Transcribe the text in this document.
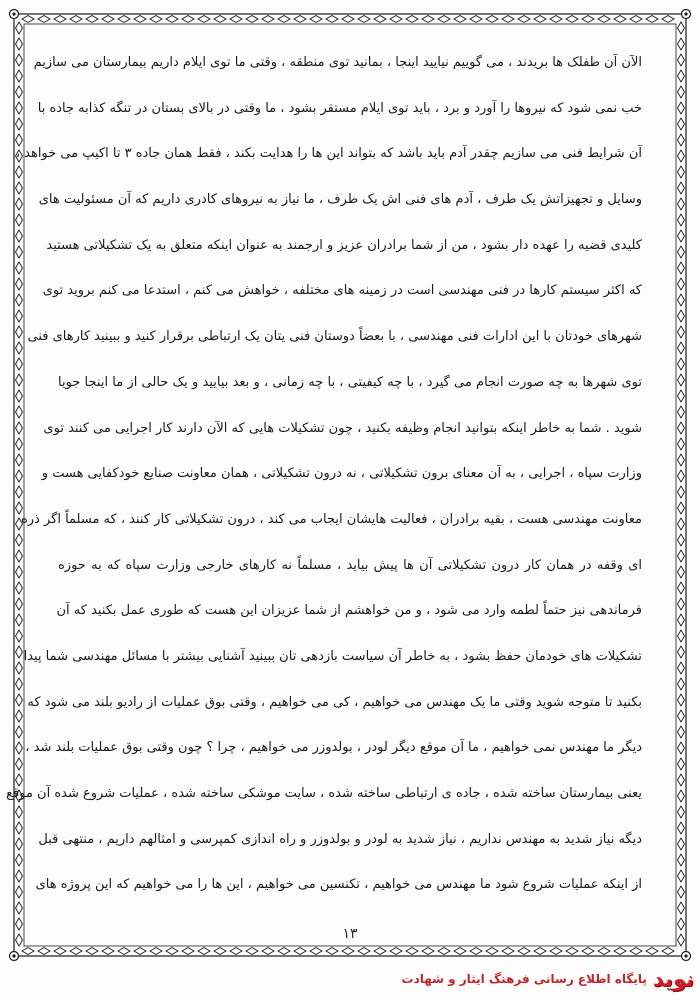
الآن آن طفلک ها بریدند ، می گوییم نیایید اینجا ، بمانید توی منطقه ، وقتی ما توی ایلام داریم بیمارستان می سازیم
خب نمی شود که نیروها را آورد و برد ، باید توی ایلام مستقر بشود ، ما وقتی در بالای بستان در تنگه کذابه جاده با
آن شرایط فنی می سازیم چقدر آدم باید باشد که بتواند این ها را هدایت بکند ، فقط همان جاده ۳ تا اکیپ می خواهد ،
وسایل و تجهیزاتش یک طرف ، آدم های فنی اش یک طرف ، ما نیاز به نیروهای کادری داریم که آن مسئولیت های
کلیدی قضیه را عهده دار بشود ، من از شما برادران عزیز و ارجمند به عنوان اینکه متعلق به یک تشکیلاتی هستید
که اکثر سیستم کارها در فنی مهندسی است در زمینه های مختلفه ، خواهش می کنم ، استدعا می کنم بروید توی
شهرهای خودتان با این ادارات فنی مهندسی ، با بعضاً دوستان فنی یتان یک ارتباطی برقرار کنید و ببینید کارهای فنی
توی شهرها به چه صورت انجام می گیرد ، با چه کیفیتی ، با چه زمانی ، و بعد بیایید و یک حالی از ما اینجا جویا
شوید . شما به خاطر اینکه بتوانید انجام وظیفه بکنید ، چون تشکیلات هایی که الآن دارند کار اجرایی می کنند توی
وزارت سپاه ، اجرایی ، به آن معنای برون تشکیلاتی ، نه درون تشکیلاتی ، همان معاونت صنایع خودکفایی هست و
معاونت مهندسی هست ، بقیه برادران ، فعالیت هایشان ایجاب می کند ، درون تشکیلاتی کار کنند ، که مسلماً اگر ذره
ای وقفه در همان کار درون تشکیلاتی آن ها پیش بیاید ، مسلماً نه کارهای خارجی وزارت سپاه که به حوزه
فرماندهی نیز حتماً لطمه وارد می شود ، و من خواهشم از شما عزیزان این هست که طوری عمل بکنید که آن
تشکیلات های خودمان حفظ بشود ، به خاطر آن سیاست بازدهی تان ببینید آشنایی بیشتر با مسائل مهندسی شما پیدا
بکنید تا متوجه شوید وقتی ما یک مهندس می خواهیم ، کی می خواهیم ، وقتی بوق عملیات از رادیو بلند می شود که
دیگر ما مهندس نمی خواهیم ، ما آن موقع دیگر لودر ، بولدوزر می خواهیم ، چرا ؟ چون وقتی بوق عملیات بلند شد ،
یعنی بیمارستان ساخته شده ، جاده ی ارتباطی ساخته شده ، سایت موشکی ساخته شده ، عملیات شروع شده آن موقع
دیگه نیاز شدید به مهندس نداریم ، نیاز شدید به لودر و بولدوزر و راه اندازی کمپرسی و امثالهم داریم ، منتهی قبل
از اینکه عملیات شروع شود ما مهندس می خواهیم ، تکنسین می خواهیم ، این ها را می خواهیم که این پروژه های
۱۳
نوید
پایگاه اطلاع رسانی فرهنگ ایثار و شهادت
